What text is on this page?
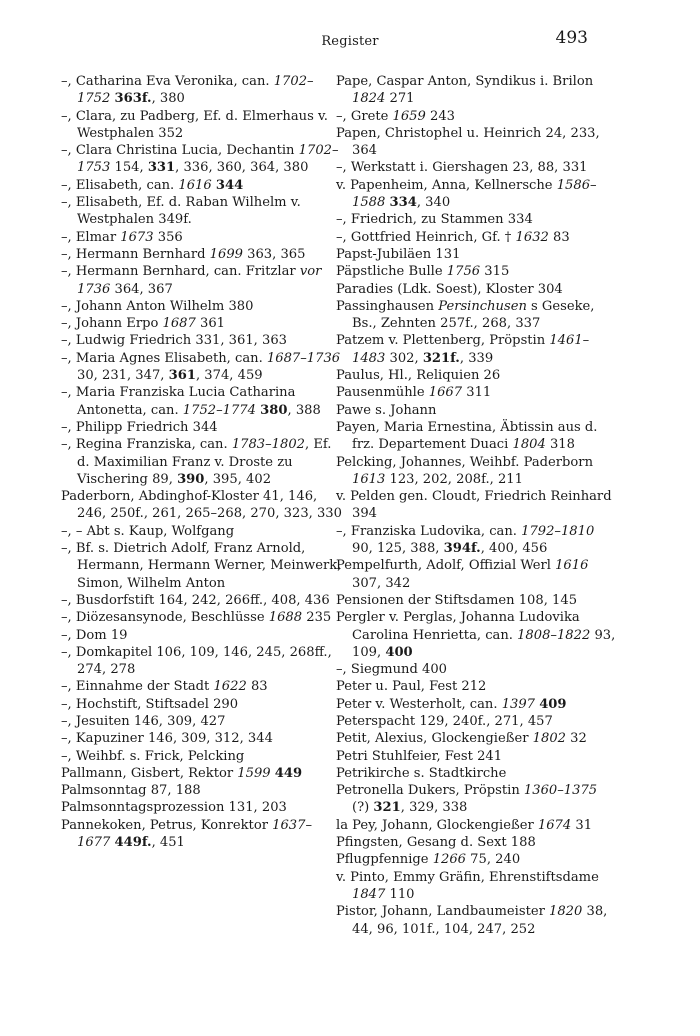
Register	493

–, Catharina Eva Veronika, can. 1702–1752 363f., 380

–, Clara, zu Padberg, Ef. d. Elmerhaus v. Westphalen 352

–, Clara Christina Lucia, Dechantin 1702–1753 154, 331, 336, 360, 364, 380

–, Elisabeth, can. 1616 344

–, Elisabeth, Ef. d. Raban Wilhelm v. Westphalen 349f.

–, Elmar 1673 356

–, Hermann Bernhard 1699 363, 365

–, Hermann Bernhard, can. Fritzlar vor 1736 364, 367

–, Johann Anton Wilhelm 380

–, Johann Erpo 1687 361

–, Ludwig Friedrich 331, 361, 363

–, Maria Agnes Elisabeth, can. 1687–1736 30, 231, 347, 361, 374, 459

–, Maria Franziska Lucia Catharina Antonetta, can. 1752–1774 380, 388

–, Philipp Friedrich 344

–, Regina Franziska, can. 1783–1802, Ef. d. Maximilian Franz v. Droste zu Vischering 89, 390, 395, 402

Paderborn, Abdinghof-Kloster 41, 146, 246, 250f., 261, 265–268, 270, 323, 330

–, – Abt s. Kaup, Wolfgang

–, Bf. s. Dietrich Adolf, Franz Arnold, Hermann, Hermann Werner, Meinwerk, Simon, Wilhelm Anton

–, Busdorfstift 164, 242, 266ff., 408, 436

–, Diözesansynode, Beschlüsse 1688 235

–, Dom 19

–, Domkapitel 106, 109, 146, 245, 268ff., 274, 278

–, Einnahme der Stadt 1622 83

–, Hochstift, Stiftsadel 290

–, Jesuiten 146, 309, 427

–, Kapuziner 146, 309, 312, 344

–, Weihbf. s. Frick, Pelcking

Pallmann, Gisbert, Rektor 1599 449

Palmsonntag 87, 188

Palmsonntagsprozession 131, 203

Pannekoken, Petrus, Konrektor 1637–1677 449f., 451

Pape, Caspar Anton, Syndikus i. Brilon 1824 271

–, Grete 1659 243

Papen, Christophel u. Heinrich 24, 233, 364

–, Werkstatt i. Giershagen 23, 88, 331

v. Papenheim, Anna, Kellnersche 1586–1588 334, 340

–, Friedrich, zu Stammen 334

–, Gottfried Heinrich, Gf. † 1632 83

Papst-Jubiläen 131

Päpstliche Bulle 1756 315

Paradies (Ldk. Soest), Kloster 304

Passinghausen Persinchusen s Geseke, Bs., Zehnten 257f., 268, 337

Patzem v. Plettenberg, Pröpstin 1461–1483 302, 321f., 339

Paulus, Hl., Reliquien 26

Pausenmühle 1667 311

Pawe s. Johann

Payen, Maria Ernestina, Äbtissin aus d. frz. Departement Duaci 1804 318

Pelcking, Johannes, Weihbf. Paderborn 1613 123, 202, 208f., 211

v. Pelden gen. Cloudt, Friedrich Reinhard 394

–, Franziska Ludovika, can. 1792–1810 90, 125, 388, 394f., 400, 456

Pempelfurth, Adolf, Offizial Werl 1616 307, 342

Pensionen der Stiftsdamen 108, 145

Pergler v. Perglas, Johanna Ludovika Carolina Henrietta, can. 1808–1822 93, 109, 400

–, Siegmund 400

Peter u. Paul, Fest 212

Peter v. Westerholt, can. 1397 409

Peterspacht 129, 240f., 271, 457

Petit, Alexius, Glockengießer 1802 32

Petri Stuhlfeier, Fest 241

Petrikirche s. Stadtkirche

Petronella Dukers, Pröpstin 1360–1375 (?) 321, 329, 338

la Pey, Johann, Glockengießer 1674 31

Pfingsten, Gesang d. Sext 188

Pflugpfennige 1266 75, 240

v. Pinto, Emmy Gräfin, Ehrenstiftsdame 1847 110

Pistor, Johann, Landbaumeister 1820 38, 44, 96, 101f., 104, 247, 252
